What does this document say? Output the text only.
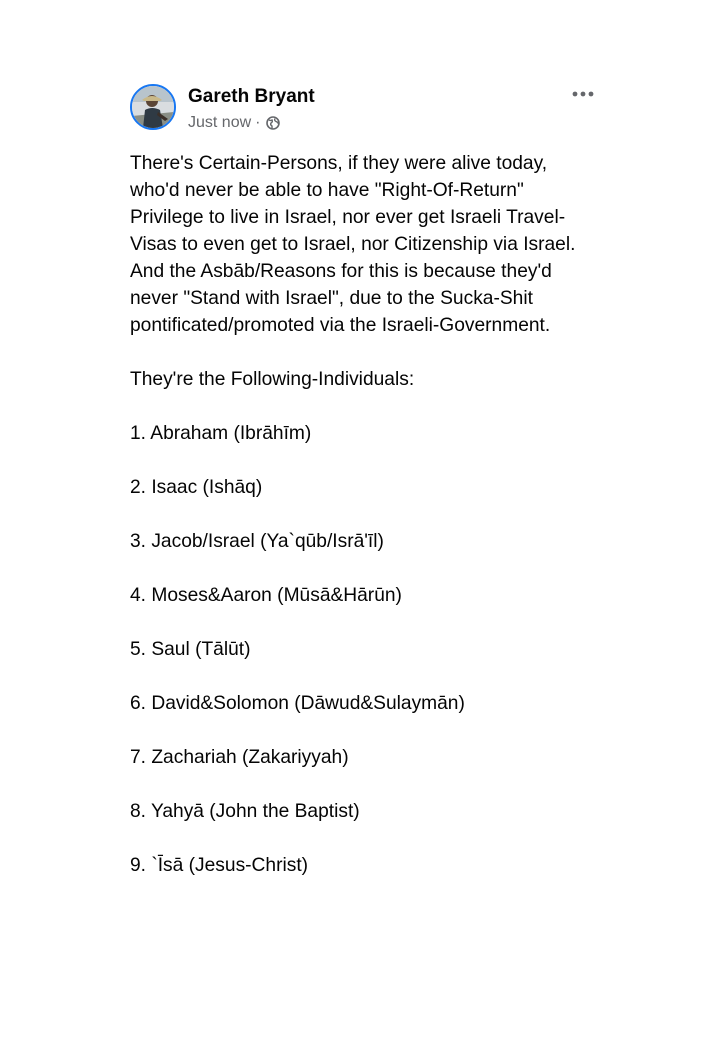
Gareth Bryant
Just now ·

There's Certain-Persons, if they were alive today, who'd never be able to have "Right-Of-Return" Privilege to live in Israel, nor ever get Israeli Travel-Visas to even get to Israel, nor Citizenship via Israel. And the Asbāb/Reasons for this is because they'd never "Stand with Israel", due to the Sucka-Shit pontificated/promoted via the Israeli-Government.

They're the Following-Individuals:

1. Abraham (Ibrāhīm)
2. Isaac (Ishāq)
3. Jacob/Israel (Ya`qūb/Isrā'īl)
4. Moses&Aaron (Mūsā&Hārūn)
5. Saul (Tālūt)
6. David&Solomon (Dāwud&Sulaymān)
7. Zachariah (Zakariyyah)
8. Yahyā (John the Baptist)
9. `Īsā (Jesus-Christ)
